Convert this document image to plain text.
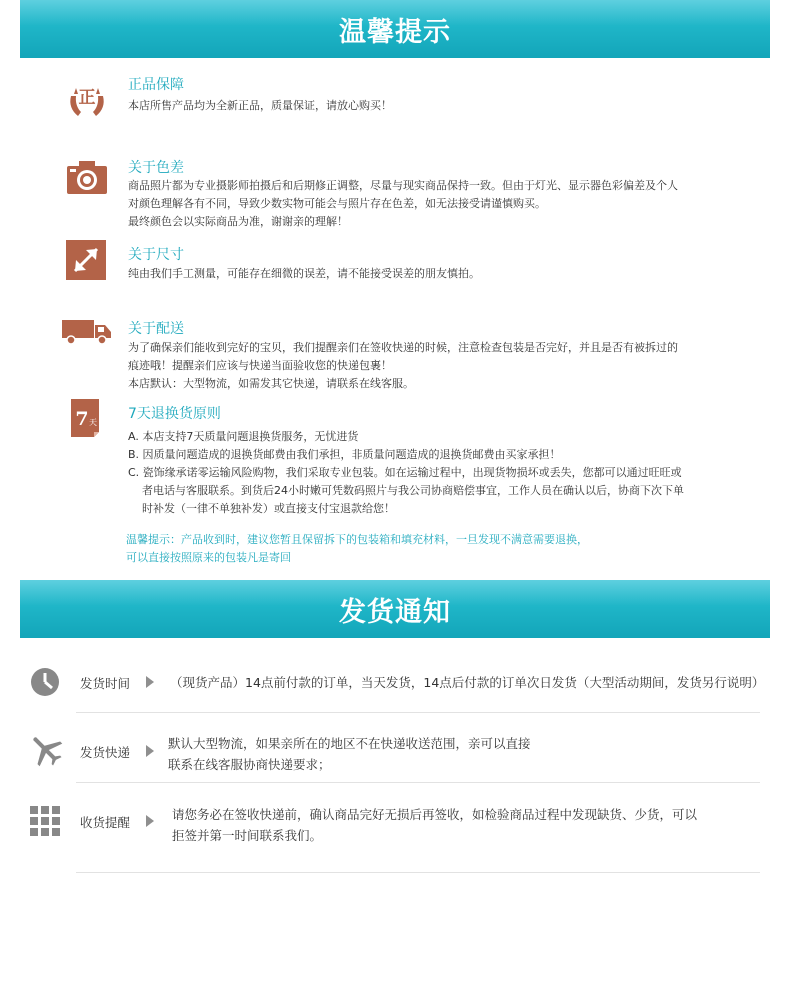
温馨提示
正
正品保障
本店所售产品均为全新正品，质量保证，请放心购买！
关于色差
商品照片都为专业摄影师拍摄后和后期修正调整，尽量与现实商品保持一致。但由于灯光、显示器色彩偏差及个人
对颜色理解各有不同，导致少数实物可能会与照片存在色差，如无法接受请谨慎购买。
最终颜色会以实际商品为准，谢谢亲的理解！
关于尺寸
纯由我们手工测量，可能存在细微的误差，请不能接受误差的朋友慎拍。
关于配送
为了确保亲们能收到完好的宝贝，我们提醒亲们在签收快递的时候，注意检查包装是否完好，并且是否有被拆过的
痕迹哦！提醒亲们应该与快递当面验收您的快递包裹！
本店默认：大型物流，如需发其它快递，请联系在线客服。
7 天
7天退换货原则
A. 本店支持7天质量问题退换货服务，无忧进货
B. 因质量问题造成的退换货邮费由我们承担，非质量问题造成的退换货邮费由买家承担！
C. 瓷饰缘承诺零运输风险购物，我们采取专业包装。如在运输过程中，出现货物损坏或丢失，您都可以通过旺旺或
者电话与客服联系。到货后24小时嫩可凭数码照片与我公司协商赔偿事宜，工作人员在确认以后，协商下次下单
时补发（一律不单独补发）或直接支付宝退款给您！
温馨提示：产品收到时，建议您暂且保留拆下的包装箱和填充材料，一旦发现不满意需要退换，
可以直接按照原来的包装凡是寄回
发货通知
发货时间	（现货产品）14点前付款的订单，当天发货，14点后付款的订单次日发货（大型活动期间，发货另行说明）
发货快递
默认大型物流，如果亲所在的地区不在快递收送范围，亲可以直接
联系在线客服协商快递要求；
收货提醒
请您务必在签收快递前，确认商品完好无损后再签收，如检验商品过程中发现缺货、少货，可以
拒签并第一时间联系我们。
